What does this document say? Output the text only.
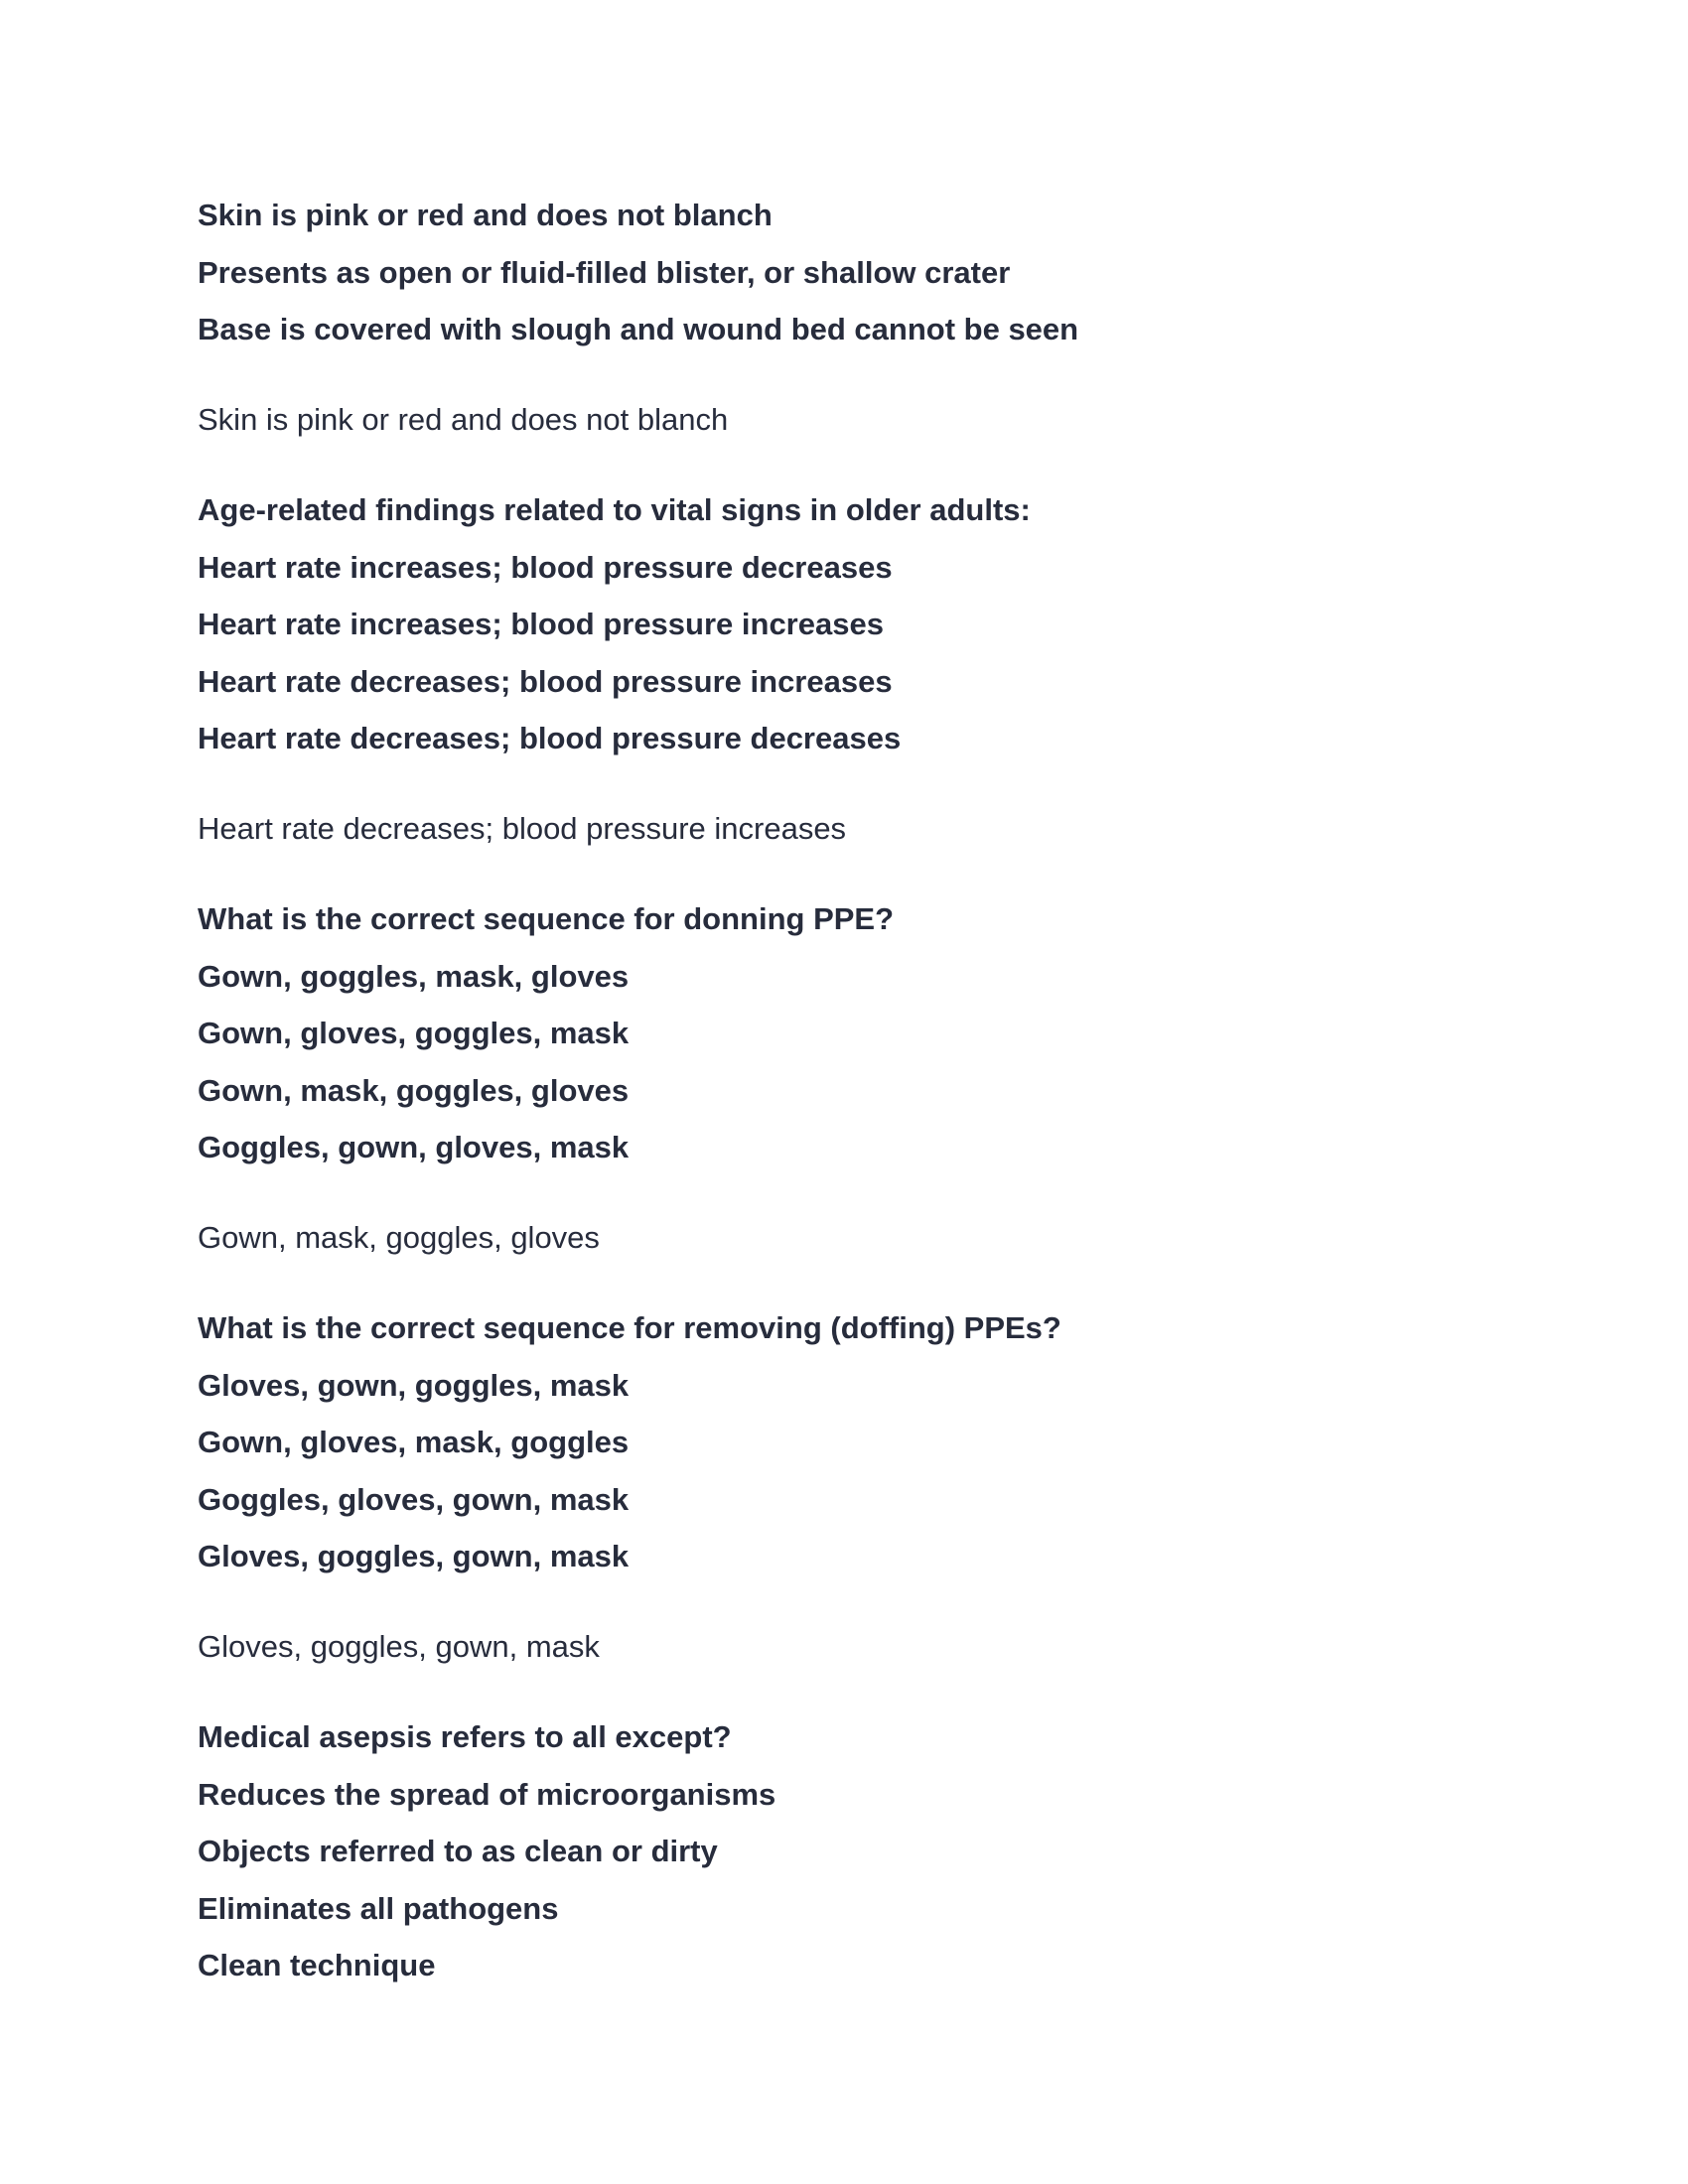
Skin is pink or red and does not blanch

Presents as open or fluid-filled blister, or shallow crater

Base is covered with slough and wound bed cannot be seen

Skin is pink or red and does not blanch

Age-related findings related to vital signs in older adults:

Heart rate increases; blood pressure decreases

Heart rate increases; blood pressure increases

Heart rate decreases; blood pressure increases

Heart rate decreases; blood pressure decreases

Heart rate decreases; blood pressure increases

What is the correct sequence for donning PPE?

Gown, goggles, mask, gloves

Gown, gloves, goggles, mask

Gown, mask, goggles, gloves

Goggles, gown, gloves, mask

Gown, mask, goggles, gloves

What is the correct sequence for removing (doffing) PPEs?

Gloves, gown, goggles, mask

Gown, gloves, mask, goggles

Goggles, gloves, gown, mask

Gloves, goggles, gown, mask

Gloves, goggles, gown, mask

Medical asepsis refers to all except?

Reduces the spread of microorganisms

Objects referred to as clean or dirty

Eliminates all pathogens

Clean technique
